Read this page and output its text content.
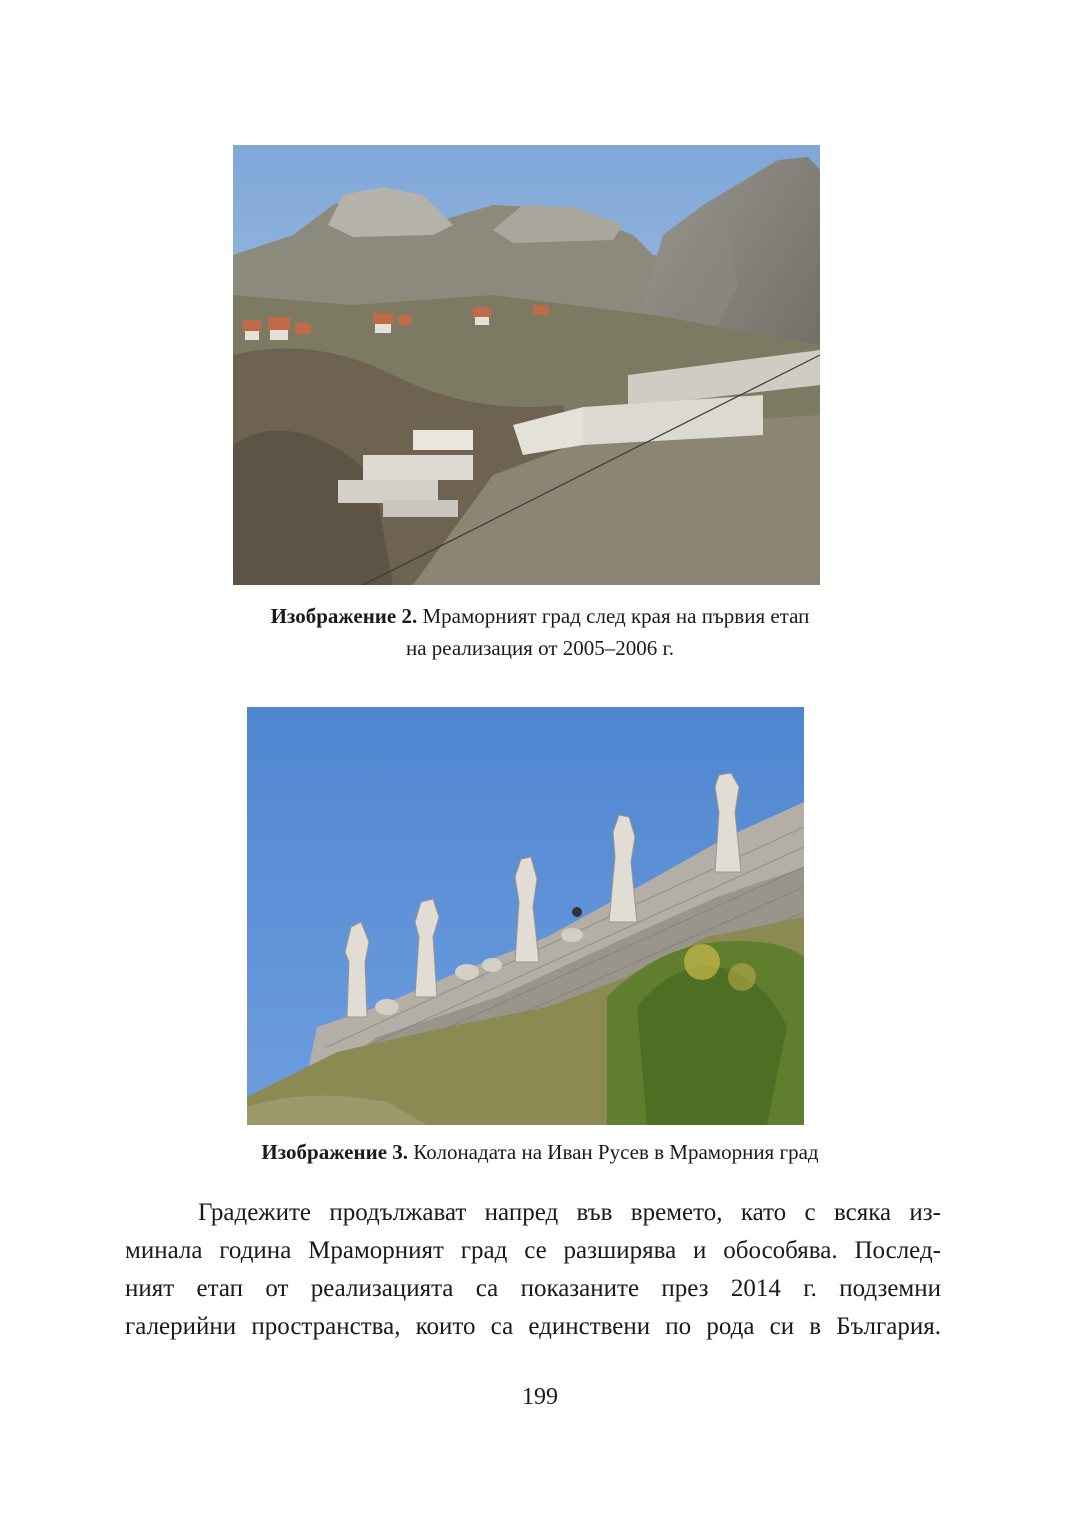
Изображение 2. Мраморният град след края на първия етап
на реализация от 2005–2006 г.
Изображение 3. Колонадата на Иван Русев в Мраморния град
Градежите продължават напред във времето, като с всяка из-
минала година Мраморният град се разширява и обособява. Послед-
ният етап от реализацията са показаните през 2014 г. подземни
галерийни пространства, които са единствени по рода си в България.
199
